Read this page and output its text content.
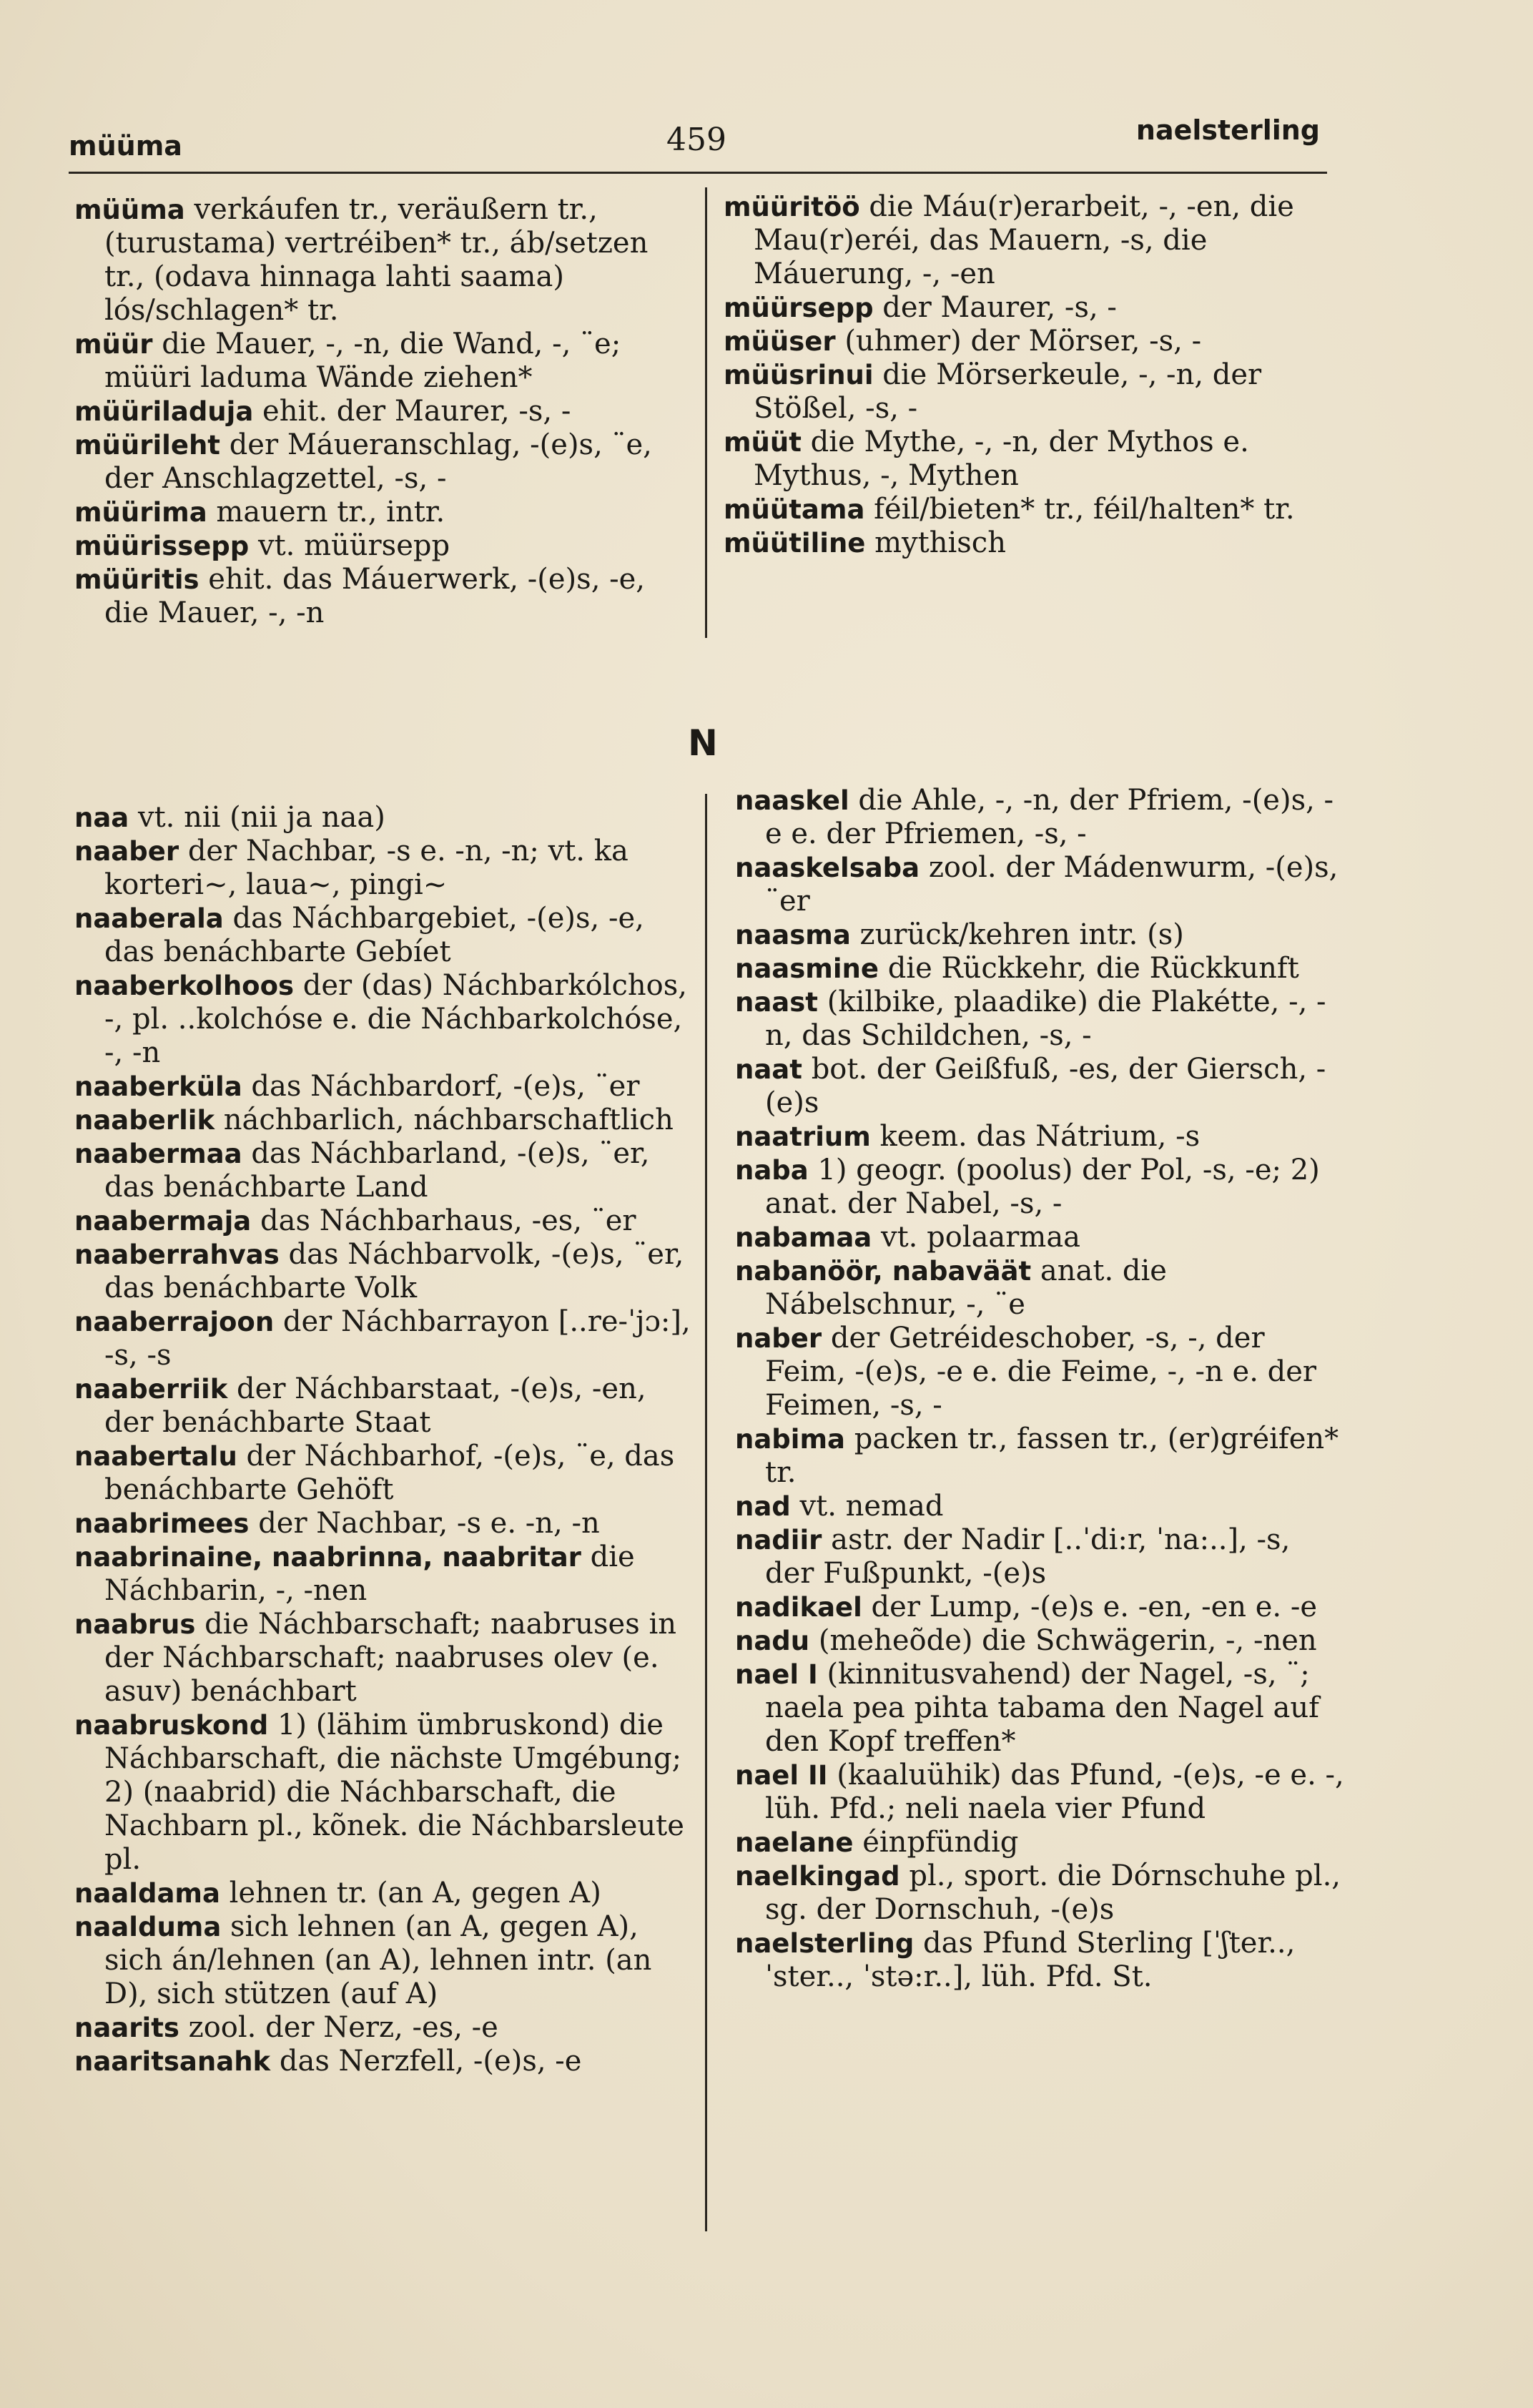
müüma	459	naelsterling
müüma verkáufen tr., veräußern tr., (turustama) vertréiben* tr., áb/setzen tr., (odava hinnaga lahti saama) lós/schlagen* tr.
müür die Mauer, -, -n, die Wand, -, ¨e; müüri laduma Wände ziehen*
müüriladuja ehit. der Maurer, -s, -
müürileht der Máueranschlag, -(e)s, ¨e, der Anschlagzettel, -s, -
müürima mauern tr., intr.
müürissepp vt. müürsepp
müüritis ehit. das Máuerwerk, -(e)s, -e, die Mauer, -, -n
müüritöö die Máu(r)erarbeit, -, -en, die Mau(r)eréi, das Mauern, -s, die Máuerung, -, -en
müürsepp der Maurer, -s, -
müüser (uhmer) der Mörser, -s, -
müüsrinui die Mörserkeule, -, -n, der Stößel, -s, -
müüt die Mythe, -, -n, der Mythos e. Mythus, -, Mythen
müütama féil/bieten* tr., féil/halten* tr.
müütiline mythisch
N
naa vt. nii (nii ja naa)
naaber der Nachbar, -s e. -n, -n; vt. ka korteri~, laua~, pingi~
naaberala das Náchbargebiet, -(e)s, -e, das benáchbarte Gebíet
naaberkolhoos der (das) Náchbarkólchos, -, pl. ..kolchóse e. die Náchbarkolchóse, -, -n
naaberküla das Náchbardorf, -(e)s, ¨er
naaberlik náchbarlich, náchbarschaftlich
naabermaa das Náchbarland, -(e)s, ¨er, das benáchbarte Land
naabermaja das Náchbarhaus, -es, ¨er
naaberrahvas das Náchbarvolk, -(e)s, ¨er, das benáchbarte Volk
naaberrajoon der Náchbarrayon [..re-ˈjɔ:], -s, -s
naaberriik der Náchbarstaat, -(e)s, -en, der benáchbarte Staat
naabertalu der Náchbarhof, -(e)s, ¨e, das benáchbarte Gehöft
naabrimees der Nachbar, -s e. -n, -n
naabrinaine, naabrinna, naabritar die Náchbarin, -, -nen
naabrus die Náchbarschaft; naabruses in der Náchbarschaft; naabruses olev (e. asuv) benáchbart
naabruskond 1) (lähim ümbruskond) die Náchbarschaft, die nächste Umgébung; 2) (naabrid) die Náchbarschaft, die Nachbarn pl., kõnek. die Náchbarsleute pl.
naaldama lehnen tr. (an A, gegen A)
naalduma sich lehnen (an A, gegen A), sich án/lehnen (an A), lehnen intr. (an D), sich stützen (auf A)
naarits zool. der Nerz, -es, -e
naaritsanahk das Nerzfell, -(e)s, -e
naaskel die Ahle, -, -n, der Pfriem, -(e)s, -e e. der Pfriemen, -s, -
naaskelsaba zool. der Mádenwurm, -(e)s, ¨er
naasma zurück/kehren intr. (s)
naasmine die Rückkehr, die Rückkunft
naast (kilbike, plaadike) die Plakétte, -, -n, das Schildchen, -s, -
naat bot. der Geißfuß, -es, der Giersch, -(e)s
naatrium keem. das Nátrium, -s
naba 1) geogr. (poolus) der Pol, -s, -e; 2) anat. der Nabel, -s, -
nabamaa vt. polaarmaa
nabanöör, nabaväät anat. die Nábelschnur, -, ¨e
naber der Getréideschober, -s, -, der Feim, -(e)s, -e e. die Feime, -, -n e. der Feimen, -s, -
nabima packen tr., fassen tr., (er)gréifen* tr.
nad vt. nemad
nadiir astr. der Nadir [..ˈdi:r, ˈna:..], -s, der Fußpunkt, -(e)s
nadikael der Lump, -(e)s e. -en, -en e. -e
nadu (meheõde) die Schwägerin, -, -nen
nael I (kinnitusvahend) der Nagel, -s, ¨; naela pea pihta tabama den Nagel auf den Kopf treffen*
nael II (kaaluühik) das Pfund, -(e)s, -e e. -, lüh. Pfd.; neli naela vier Pfund
naelane éinpfündig
naelkingad pl., sport. die Dórnschuhe pl., sg. der Dornschuh, -(e)s
naelsterling das Pfund Sterling [ˈʃter.., ˈster.., ˈstə:r..], lüh. Pfd. St.
